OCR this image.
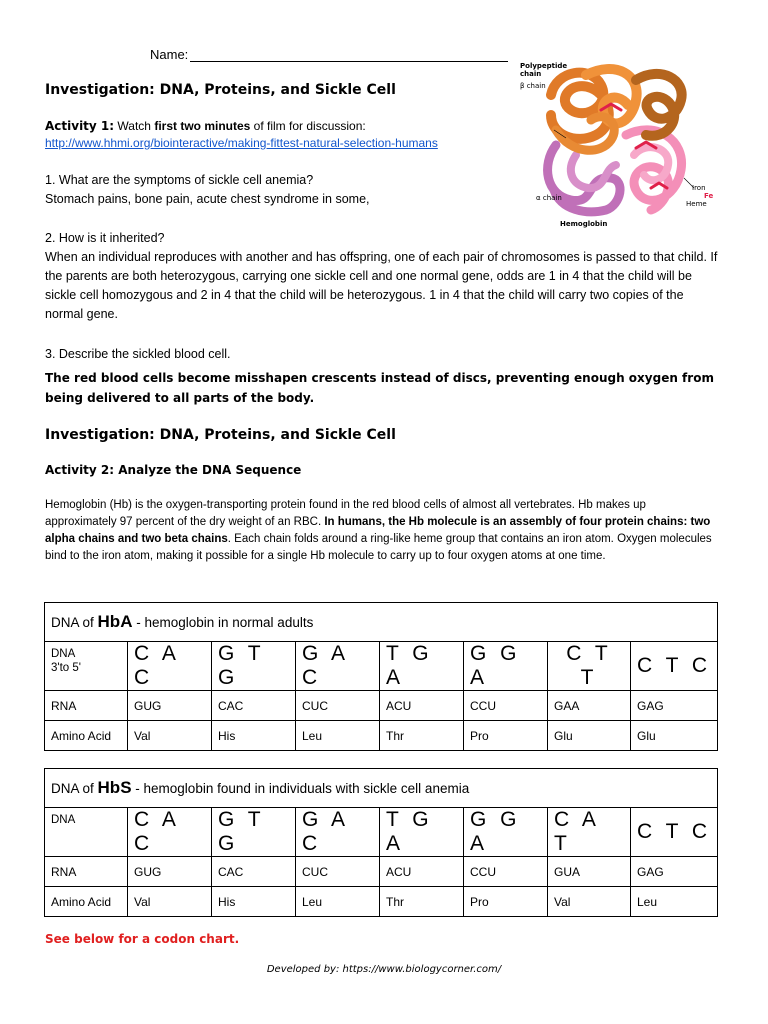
Name:
Investigation: DNA, Proteins, and Sickle Cell
Activity 1: Watch first two minutes of film for discussion:
http://www.hhmi.org/biointeractive/making-fittest-natural-selection-humans
1. What are the symptoms of sickle cell anemia?
Stomach pains, bone pain, acute chest syndrome in some,
2. How is it inherited?
When an individual reproduces with another and has offspring, one of each pair of chromosomes is passed to that child. If the parents are both heterozygous, carrying one sickle cell and one normal gene, odds are 1 in 4 that the child will be sickle cell homozygous and 2 in 4 that the child will be heterozygous. 1 in 4 that the child will carry two copies of the normal gene.
3. Describe the sickled blood cell.
The red blood cells become misshapen crescents instead of discs, preventing enough oxygen from being delivered to all parts of the body.
Investigation: DNA, Proteins, and Sickle Cell
Activity 2: Analyze the DNA Sequence
Hemoglobin (Hb) is the oxygen-transporting protein found in the red blood cells of almost all vertebrates. Hb makes up approximately 97 percent of the dry weight of an RBC. In humans, the Hb molecule is an assembly of four protein chains: two alpha chains and two beta chains. Each chain folds around a ring-like heme group that contains an iron atom. Oxygen molecules bind to the iron atom, making it possible for a single Hb molecule to carry up to four oxygen atoms at one time.
Polypeptide chain
β chain
α chain
Iron
Fe
Heme
Hemoglobin
DNA of HbA - hemoglobin in normal adults							

DNA
3'to 5'	C A C	G T G	G A C	T G A	G G A	C T T	C T C
RNA	GUG	CAC	CUC	ACU	CCU	GAA	GAG
Amino Acid	Val	His	Leu	Thr	Pro	Glu	Glu
DNA of HbS - hemoglobin found in individuals with sickle cell anemia							
DNA	C A C	G T G	G A C	T G A	G G A	C A T	C T C
RNA	GUG	CAC	CUC	ACU	CCU	GUA	GAG
Amino Acid	Val	His	Leu	Thr	Pro	Val	Leu
See below for a codon chart.
Developed by: https://www.biologycorner.com/
